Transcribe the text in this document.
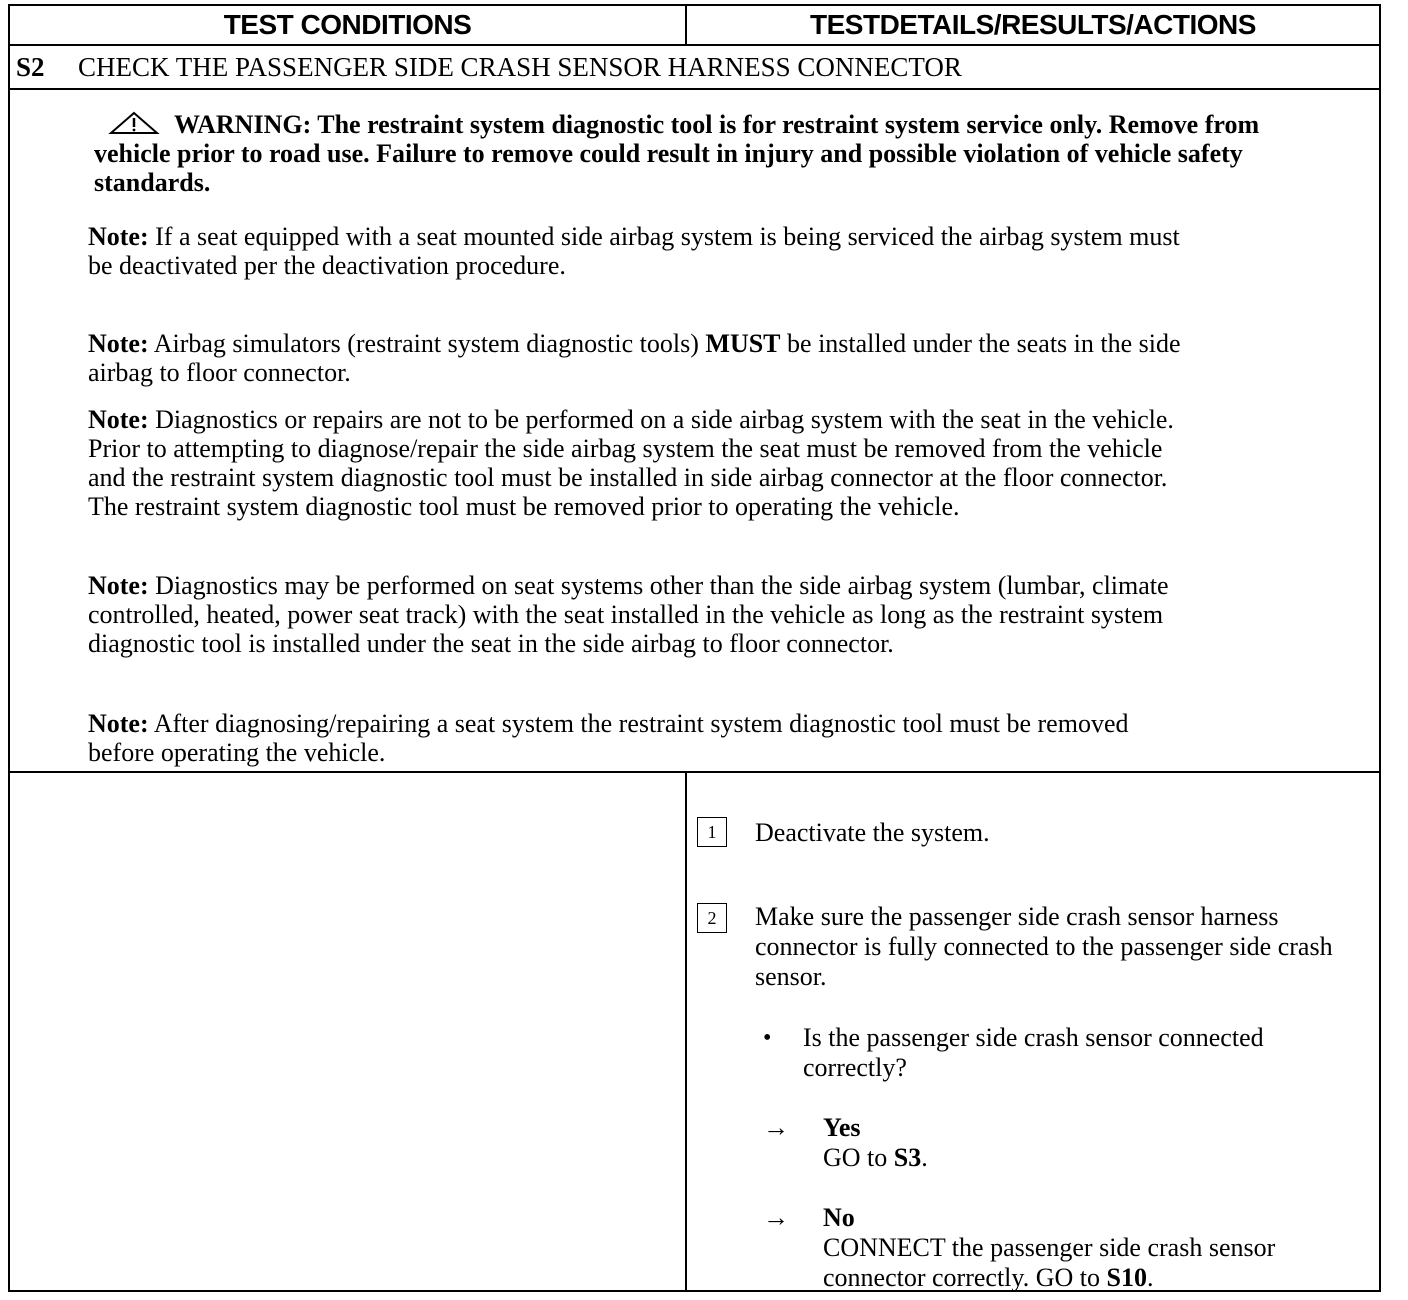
TEST CONDITIONS	TESTDETAILS/RESULTS/ACTIONS
S2	CHECK THE PASSENGER SIDE CRASH SENSOR HARNESS CONNECTOR
WARNING: The restraint system diagnostic tool is for restraint system service only. Remove from vehicle prior to road use. Failure to remove could result in injury and possible violation of vehicle safety standards.
Note: If a seat equipped with a seat mounted side airbag system is being serviced the airbag system must be deactivated per the deactivation procedure.
Note: Airbag simulators (restraint system diagnostic tools) MUST be installed under the seats in the side airbag to floor connector.
Note: Diagnostics or repairs are not to be performed on a side airbag system with the seat in the vehicle. Prior to attempting to diagnose/repair the side airbag system the seat must be removed from the vehicle and the restraint system diagnostic tool must be installed in side airbag connector at the floor connector. The restraint system diagnostic tool must be removed prior to operating the vehicle.
Note: Diagnostics may be performed on seat systems other than the side airbag system (lumbar, climate controlled, heated, power seat track) with the seat installed in the vehicle as long as the restraint system diagnostic tool is installed under the seat in the side airbag to floor connector.
Note: After diagnosing/repairing a seat system the restraint system diagnostic tool must be removed before operating the vehicle.
1	Deactivate the system.
2	Make sure the passenger side crash sensor harness connector is fully connected to the passenger side crash sensor.
• Is the passenger side crash sensor connected correctly?
→ Yes
GO to S3.
→ No
CONNECT the passenger side crash sensor connector correctly. GO to S10.
